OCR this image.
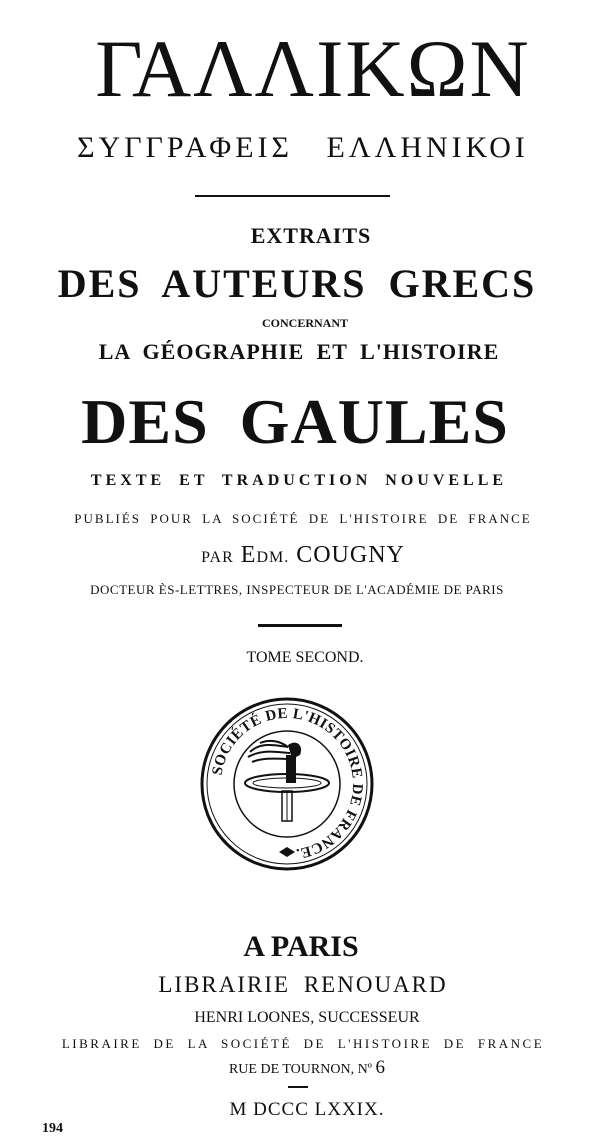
ΓΑΛΛΙΚΩΝ
ΣΥΓΓΡΑΦΕΙΣ ΕΛΛΗΝΙΚΟΙ
EXTRAITS
DES AUTEURS GRECS
CONCERNANT
LA GÉOGRAPHIE ET L'HISTOIRE
DES GAULES
TEXTE ET TRADUCTION NOUVELLE
PUBLIÉS POUR LA SOCIÉTÉ DE L'HISTOIRE DE FRANCE
PAR EDM. COUGNY
DOCTEUR ÈS-LETTRES, INSPECTEUR DE L'ACADÉMIE DE PARIS
TOME SECOND.
SOCIÉTÉ DE L'HISTOIRE DE FRANCE.
A PARIS
LIBRAIRIE RENOUARD
HENRI LOONES, SUCCESSEUR
LIBRAIRE DE LA SOCIÉTÉ DE L'HISTOIRE DE FRANCE
RUE DE TOURNON, Nº 6
M DCCC LXXIX.
194
